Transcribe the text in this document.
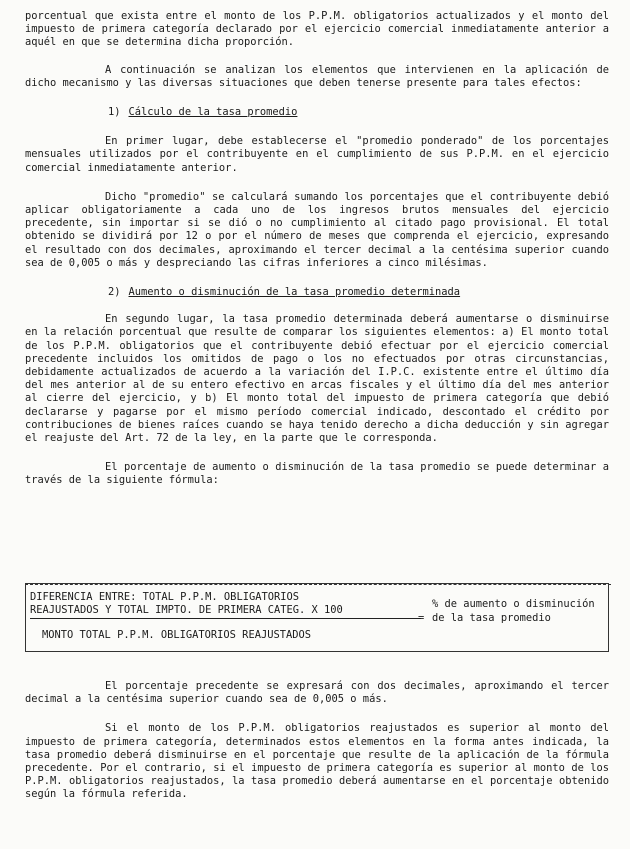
porcentual que exista entre el monto de los P.P.M. obligatorios actualizados y el monto del impuesto de primera categoría declarado por el ejercicio comercial inmediatamente anterior a aquél en que se determina dicha proporción.

A continuación se analizan los elementos que intervienen en la aplicación de dicho mecanismo y las diversas situaciones que deben tenerse presente para tales efectos:

1) Cálculo de la tasa promedio

En primer lugar, debe establecerse el "promedio ponderado" de los porcentajes mensuales utilizados por el contribuyente en el cumplimiento de sus P.P.M. en el ejercicio comercial inmediatamente anterior.

Dicho "promedio" se calculará sumando los porcentajes que el contribuyente debió aplicar obligatoriamente a cada uno de los ingresos brutos mensuales del ejercicio precedente, sin importar si se dió o no cumplimiento al citado pago provisional. El total obtenido se dividirá por 12 o por el número de meses que comprenda el ejercicio, expresando el resultado con dos decimales, aproximando el tercer decimal a la centésima superior cuando sea de 0,005 o más y despreciando las cifras inferiores a cinco milésimas.

2) Aumento o disminución de la tasa promedio determinada

En segundo lugar, la tasa promedio determinada deberá aumentarse o disminuirse en la relación porcentual que resulte de comparar los siguientes elementos: a) El monto total de los P.P.M. obligatorios que el contribuyente debió efectuar por el ejercicio comercial precedente incluidos los omitidos de pago o los no efectuados por otras circunstancias, debidamente actualizados de acuerdo a la variación del I.P.C. existente entre el último día del mes anterior al de su entero efectivo en arcas fiscales y el último día del mes anterior al cierre del ejercicio, y b) El monto total del impuesto de primera categoría que debió declararse y pagarse por el mismo período comercial indicado, descontado el crédito por contribuciones de bienes raíces cuando se haya tenido derecho a dicha deducción y sin agregar el reajuste del Art. 72 de la ley, en la parte que le corresponda.

El porcentaje de aumento o disminución de la tasa promedio se puede determinar a través de la siguiente fórmula:

DIFERENCIA ENTRE: TOTAL P.P.M. OBLIGATORIOS
REAJUSTADOS Y TOTAL IMPTO. DE PRIMERA CATEG. X 100
=
MONTO TOTAL P.P.M. OBLIGATORIOS REAJUSTADOS
% de aumento o disminución de la tasa promedio

El porcentaje precedente se expresará con dos decimales, aproximando el tercer decimal a la centésima superior cuando sea de 0,005 o más.

Si el monto de los P.P.M. obligatorios reajustados es superior al monto del impuesto de primera categoría, determinados estos elementos en la forma antes indicada, la tasa promedio deberá disminuirse en el porcentaje que resulte de la aplicación de la fórmula precedente. Por el contrario, si el impuesto de primera categoría es superior al monto de los P.P.M. obligatorios reajustados, la tasa promedio deberá aumentarse en el porcentaje obtenido según la fórmula referida.
